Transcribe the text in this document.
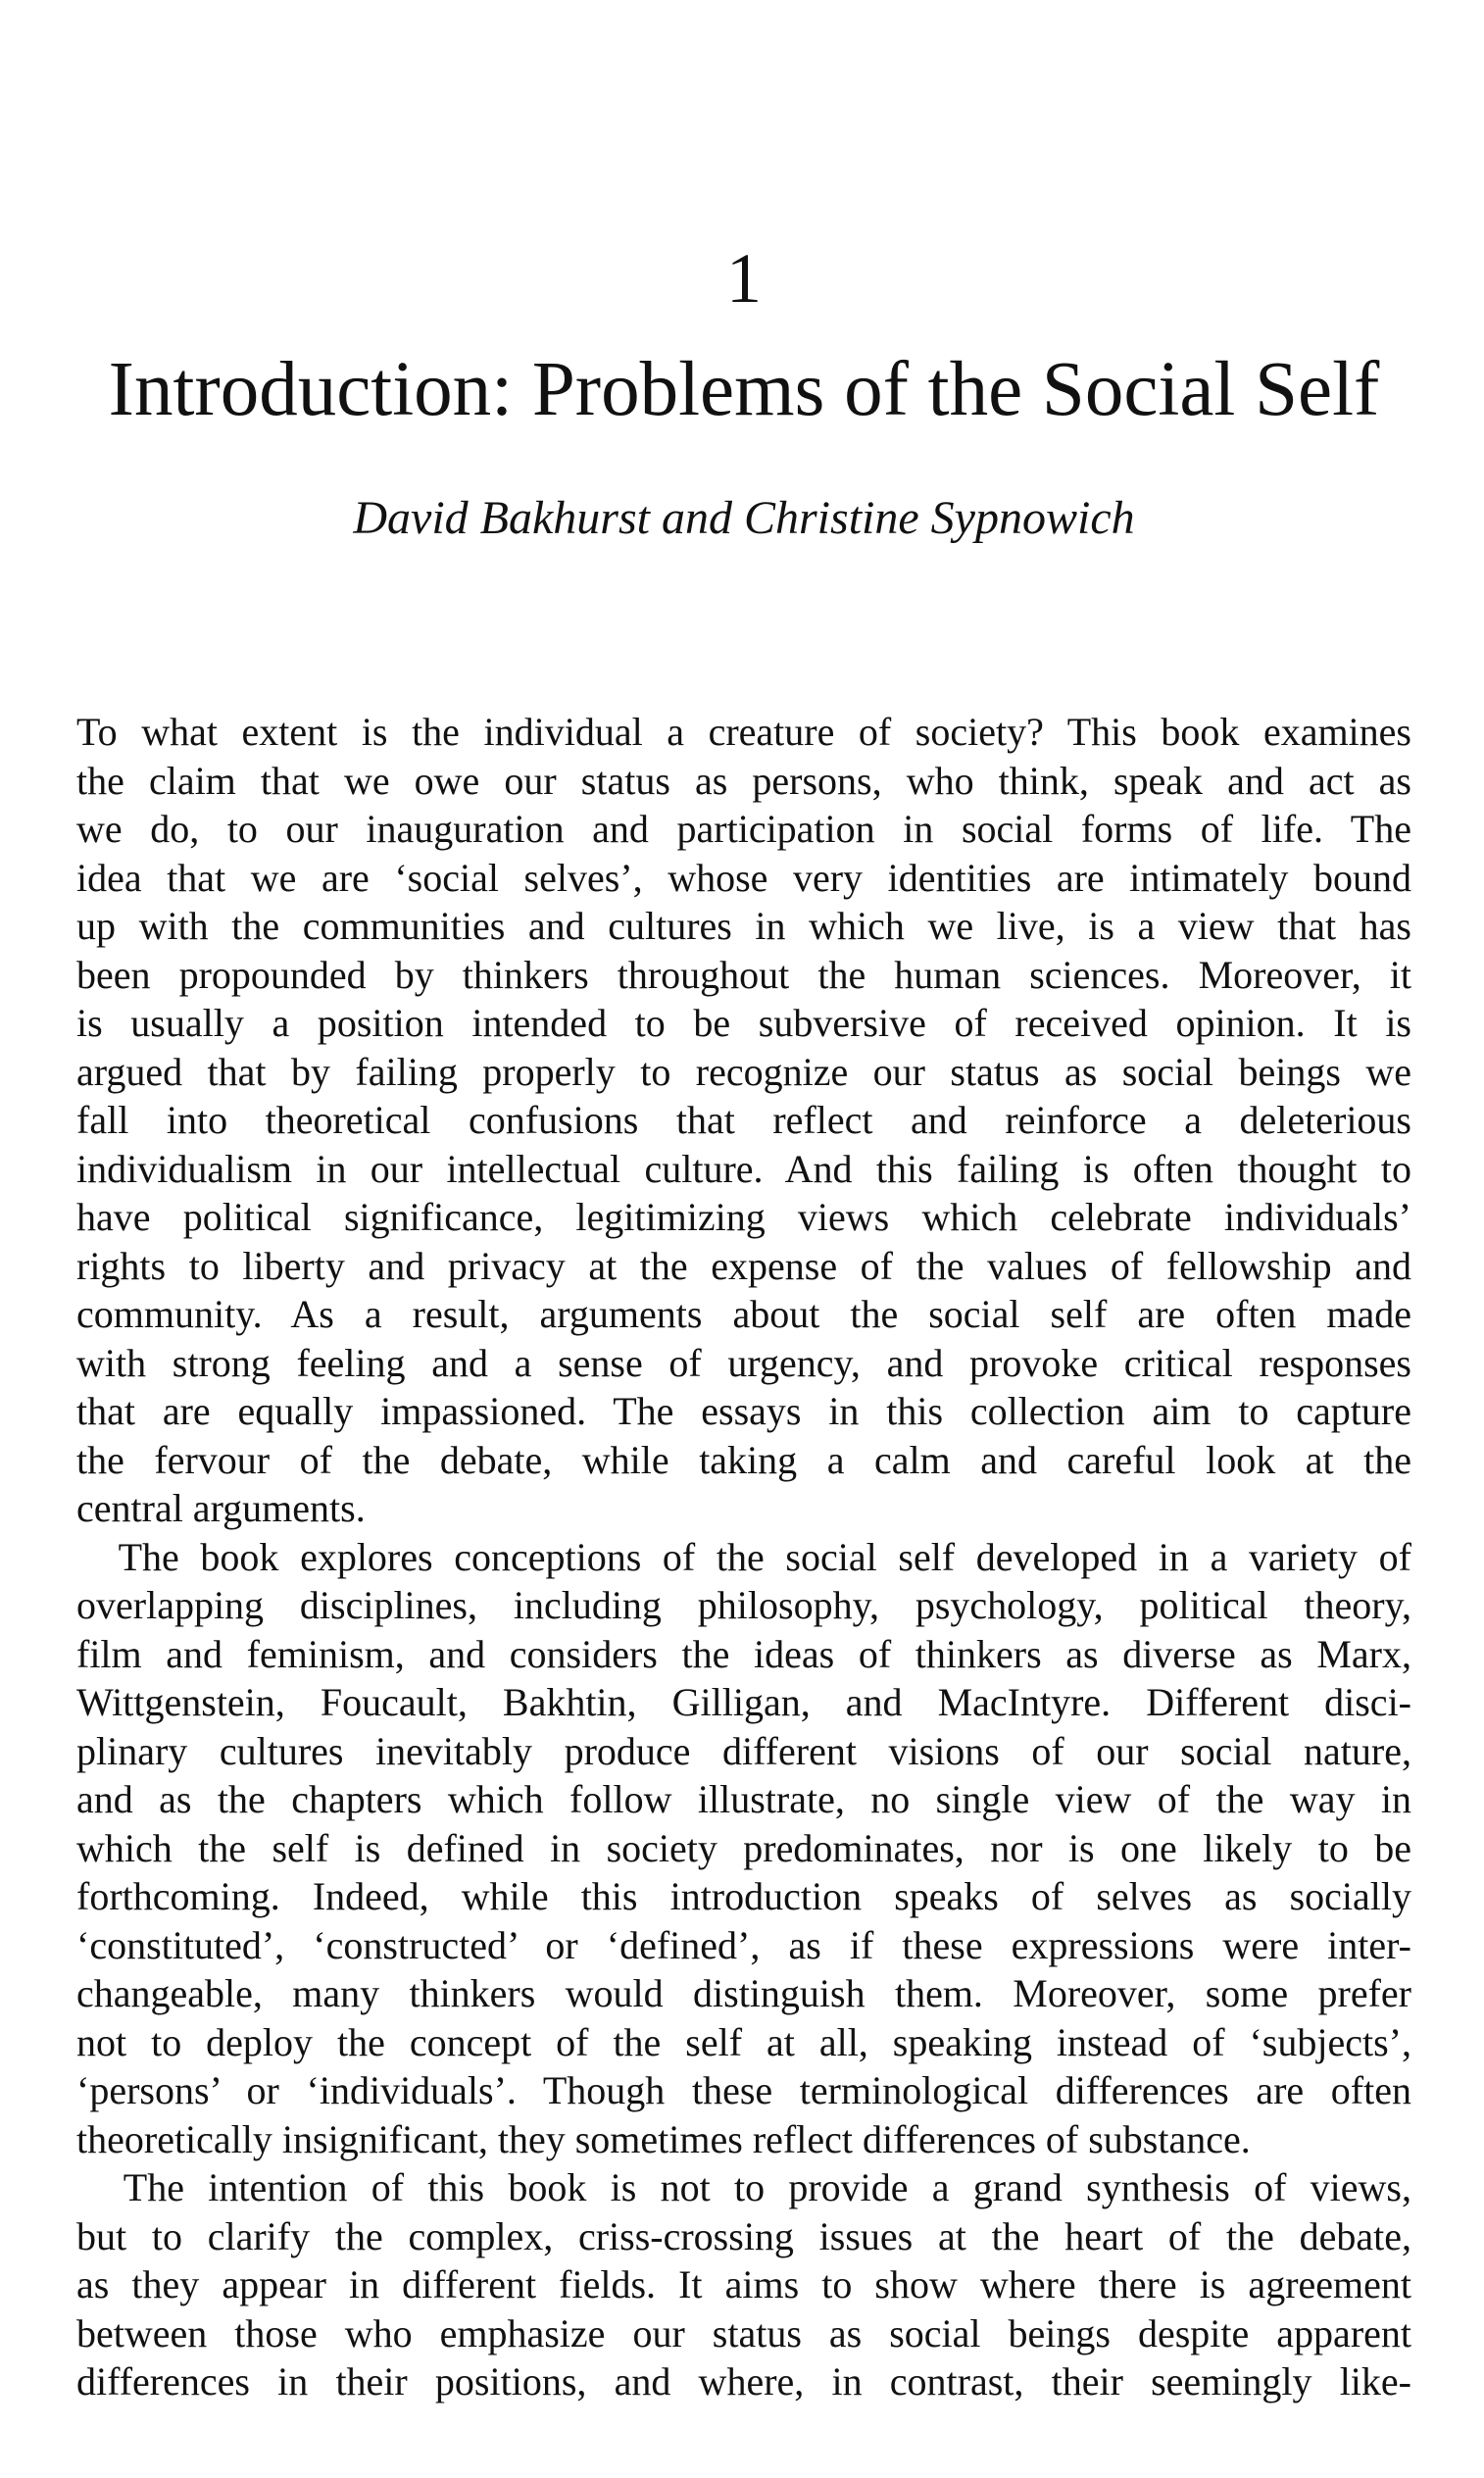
1
Introduction: Problems of the Social Self
David Bakhurst and Christine Sypnowich
To what extent is the individual a creature of society? This book examines
the claim that we owe our status as persons, who think, speak and act as
we do, to our inauguration and participation in social forms of life. The
idea that we are ‘social selves’, whose very identities are intimately bound
up with the communities and cultures in which we live, is a view that has
been propounded by thinkers throughout the human sciences. Moreover, it
is usually a position intended to be subversive of received opinion. It is
argued that by failing properly to recognize our status as social beings we
fall into theoretical confusions that reflect and reinforce a deleterious
individualism in our intellectual culture. And this failing is often thought to
have political significance, legitimizing views which celebrate individuals’
rights to liberty and privacy at the expense of the values of fellowship and
community. As a result, arguments about the social self are often made
with strong feeling and a sense of urgency, and provoke critical responses
that are equally impassioned. The essays in this collection aim to capture
the fervour of the debate, while taking a calm and careful look at the
central arguments.
The book explores conceptions of the social self developed in a variety of
overlapping disciplines, including philosophy, psychology, political theory,
film and feminism, and considers the ideas of thinkers as diverse as Marx,
Wittgenstein, Foucault, Bakhtin, Gilligan, and MacIntyre. Different disci-
plinary cultures inevitably produce different visions of our social nature,
and as the chapters which follow illustrate, no single view of the way in
which the self is defined in society predominates, nor is one likely to be
forthcoming. Indeed, while this introduction speaks of selves as socially
‘constituted’, ‘constructed’ or ‘defined’, as if these expressions were inter-
changeable, many thinkers would distinguish them. Moreover, some prefer
not to deploy the concept of the self at all, speaking instead of ‘subjects’,
‘persons’ or ‘individuals’. Though these terminological differences are often
theoretically insignificant, they sometimes reflect differences of substance.
The intention of this book is not to provide a grand synthesis of views,
but to clarify the complex, criss-crossing issues at the heart of the debate,
as they appear in different fields. It aims to show where there is agreement
between those who emphasize our status as social beings despite apparent
differences in their positions, and where, in contrast, their seemingly like-
